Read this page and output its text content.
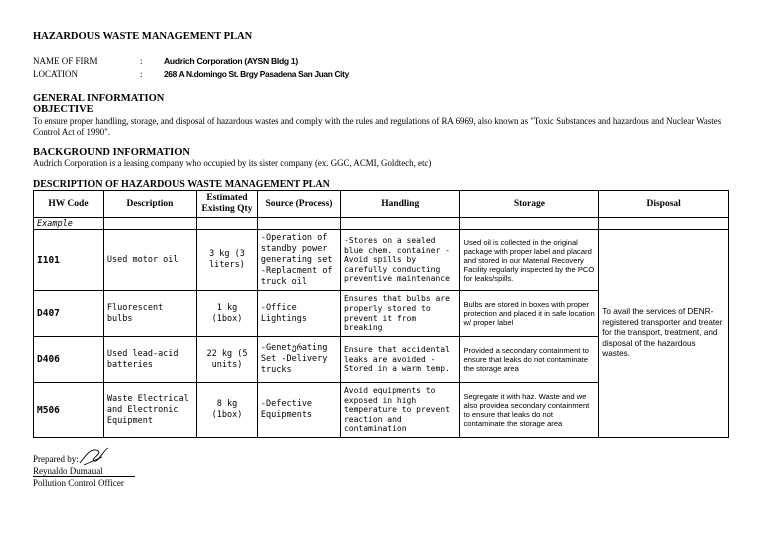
HAZARDOUS WASTE MANAGEMENT PLAN
NAME OF FIRM	: Audrich Corporation (AYSN Bldg 1)
LOCATION	:	268 A N.domingo St. Brgy Pasadena San Juan City
GENERAL INFORMATION
OBJECTIVE
To ensure proper handling, storage, and disposal of hazardous wastes and comply with the rules and regulations of RA 6969, also known as "Toxic Substances and hazardous and Nuclear Wastes Control Act of 1990".
BACKGROUND INFORMATION
Audrich Corporation is a leasing company who occupied by its sister company (ex. GGC, ACMI, Goldtech, etc)
DESCRIPTION OF HAZARDOUS WASTE MANAGEMENT PLAN
HW Code	Description	Estimated Existing Qty	Source (Process)	Handling	Storage	Disposal
Example						
I101	Used motor oil	3 kg (3 liters)	-Operation of standby power generating set -Replacment of truck oil	-Stores on a sealed blue chem. container -Avoid spills by carefully conducting preventive maintenance	Used oil is collected in the original package with proper label and placard and stored in our Material Recovery Facility regularly inspected by the PCO for leaks/spills.	To avail the services of DENR-registered transporter and treater for the transport, treatment, and disposal of the hazardous wastes.
D407	Fluorescent bulbs	1 kg (1box)	-Office Lightings	Ensures that bulbs are properly stored to prevent it from breaking	Bulbs are stored in boxes with proper protection and placed it in safe location w/ proper label	
D406	Used lead-acid batteries	22 kg (5 units)	-Genetერating Set -Delivery trucks	Ensure that accidental leaks are avoided -Stored in a warm temp.	Provided a secondary containment to ensure that leaks do not contaminate the storage area	
M506	Waste Electrical and Electronic Equipment	8 kg (1box)	-Defective Equipments	Avoid equipments to exposed in high temperature to prevent reaction and contamination	Segregate it with haz. Waste and we also providea secondary containment to ensure that leaks do not contaminate the storage area	
Prepared by:
Reynaldo Dumaual
Pollution Control Officer
